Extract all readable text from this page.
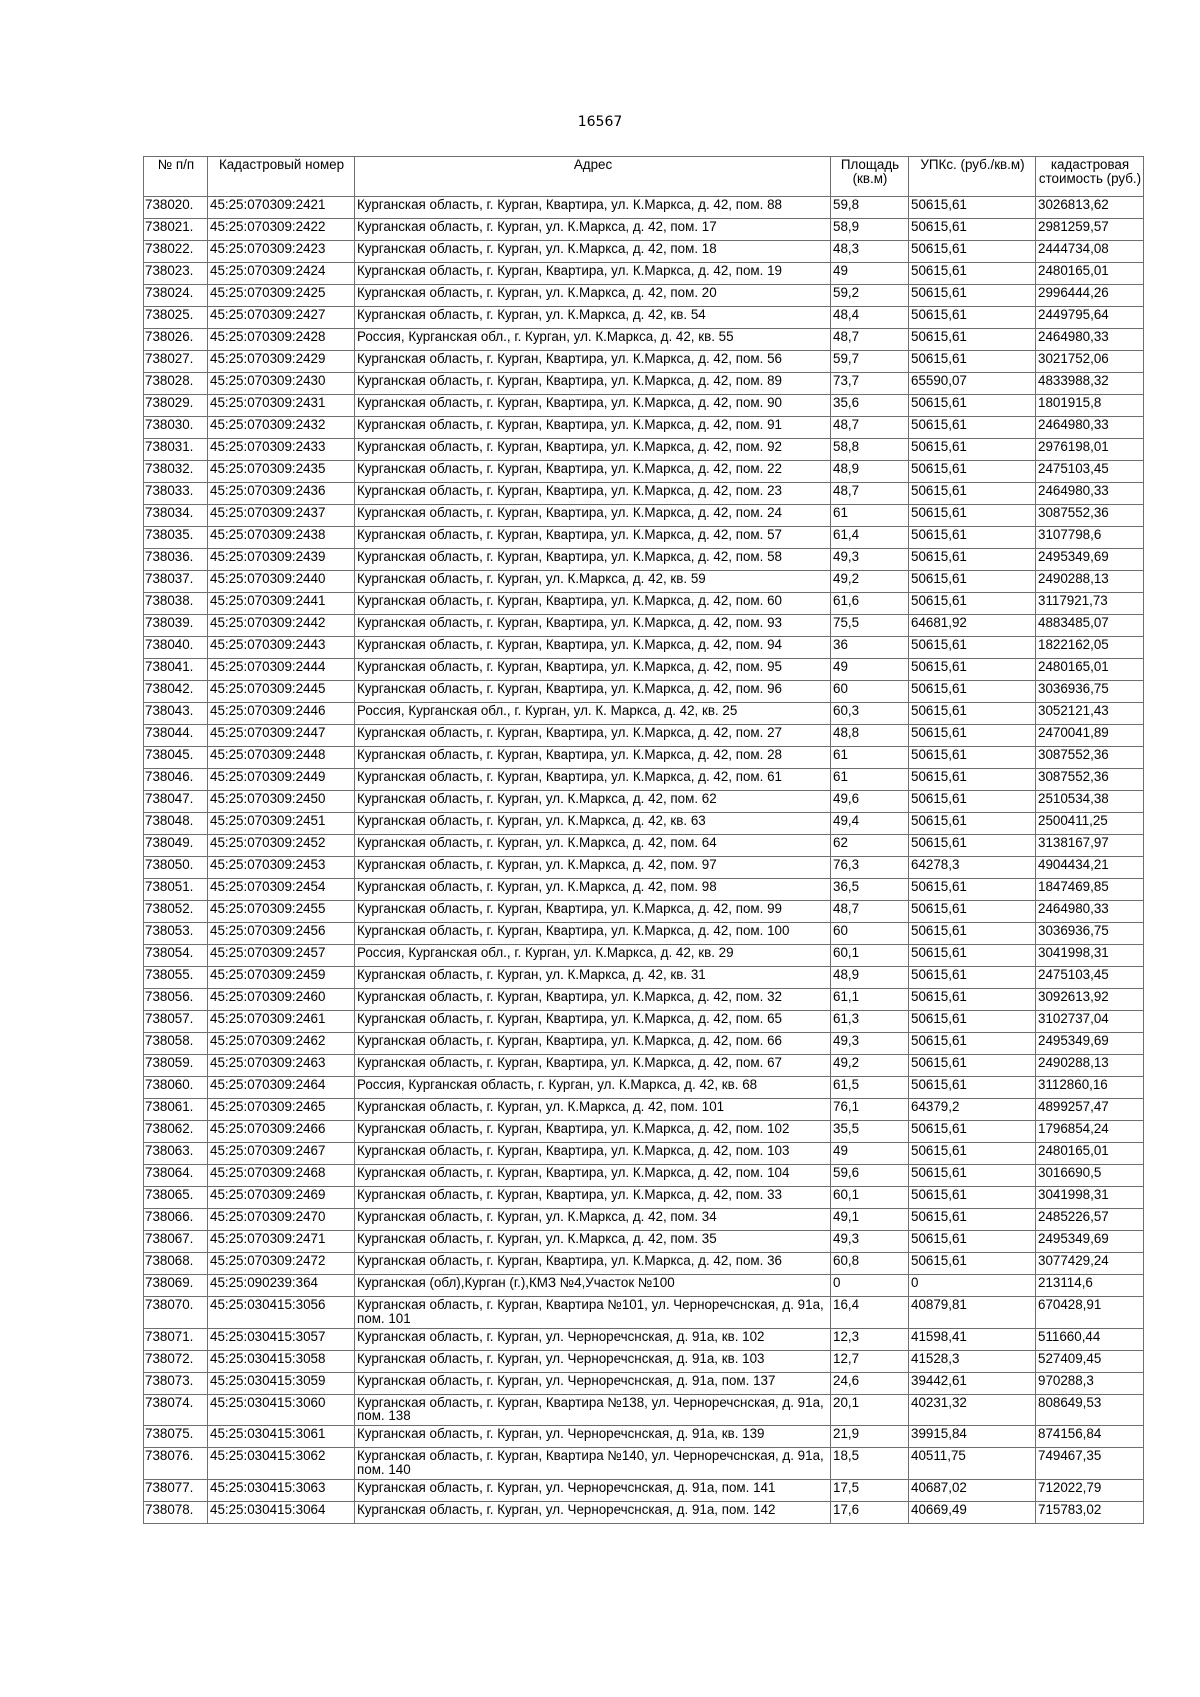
16567
№ п/п	Кадастровый номер	Адрес	Площадь (кв.м)	УПКс. (руб./кв.м)	кадастровая стоимость (руб.)
738020.	45:25:070309:2421	Курганская область, г. Курган, Квартира, ул. К.Маркса, д. 42, пом. 88	59,8	50615,61	3026813,62
738021.	45:25:070309:2422	Курганская область, г. Курган, ул. К.Маркса, д. 42, пом. 17	58,9	50615,61	2981259,57
738022.	45:25:070309:2423	Курганская область, г. Курган, ул. К.Маркса, д. 42, пом. 18	48,3	50615,61	2444734,08
738023.	45:25:070309:2424	Курганская область, г. Курган, Квартира, ул. К.Маркса, д. 42, пом. 19	49	50615,61	2480165,01
738024.	45:25:070309:2425	Курганская область, г. Курган, ул. К.Маркса, д. 42, пом. 20	59,2	50615,61	2996444,26
738025.	45:25:070309:2427	Курганская область, г. Курган, ул. К.Маркса, д. 42, кв. 54	48,4	50615,61	2449795,64
738026.	45:25:070309:2428	Россия, Курганская обл., г. Курган, ул. К.Маркса, д. 42, кв. 55	48,7	50615,61	2464980,33
738027.	45:25:070309:2429	Курганская область, г. Курган, Квартира, ул. К.Маркса, д. 42, пом. 56	59,7	50615,61	3021752,06
738028.	45:25:070309:2430	Курганская область, г. Курган, Квартира, ул. К.Маркса, д. 42, пом. 89	73,7	65590,07	4833988,32
738029.	45:25:070309:2431	Курганская область, г. Курган, Квартира, ул. К.Маркса, д. 42, пом. 90	35,6	50615,61	1801915,8
738030.	45:25:070309:2432	Курганская область, г. Курган, Квартира, ул. К.Маркса, д. 42, пом. 91	48,7	50615,61	2464980,33
738031.	45:25:070309:2433	Курганская область, г. Курган, Квартира, ул. К.Маркса, д. 42, пом. 92	58,8	50615,61	2976198,01
738032.	45:25:070309:2435	Курганская область, г. Курган, Квартира, ул. К.Маркса, д. 42, пом. 22	48,9	50615,61	2475103,45
738033.	45:25:070309:2436	Курганская область, г. Курган, Квартира, ул. К.Маркса, д. 42, пом. 23	48,7	50615,61	2464980,33
738034.	45:25:070309:2437	Курганская область, г. Курган, Квартира, ул. К.Маркса, д. 42, пом. 24	61	50615,61	3087552,36
738035.	45:25:070309:2438	Курганская область, г. Курган, Квартира, ул. К.Маркса, д. 42, пом. 57	61,4	50615,61	3107798,6
738036.	45:25:070309:2439	Курганская область, г. Курган, Квартира, ул. К.Маркса, д. 42, пом. 58	49,3	50615,61	2495349,69
738037.	45:25:070309:2440	Курганская область, г. Курган, ул. К.Маркса, д. 42, кв. 59	49,2	50615,61	2490288,13
738038.	45:25:070309:2441	Курганская область, г. Курган, Квартира, ул. К.Маркса, д. 42, пом. 60	61,6	50615,61	3117921,73
738039.	45:25:070309:2442	Курганская область, г. Курган, Квартира, ул. К.Маркса, д. 42, пом. 93	75,5	64681,92	4883485,07
738040.	45:25:070309:2443	Курганская область, г. Курган, Квартира, ул. К.Маркса, д. 42, пом. 94	36	50615,61	1822162,05
738041.	45:25:070309:2444	Курганская область, г. Курган, Квартира, ул. К.Маркса, д. 42, пом. 95	49	50615,61	2480165,01
738042.	45:25:070309:2445	Курганская область, г. Курган, Квартира, ул. К.Маркса, д. 42, пом. 96	60	50615,61	3036936,75
738043.	45:25:070309:2446	Россия, Курганская обл., г. Курган, ул. К. Маркса, д. 42, кв. 25	60,3	50615,61	3052121,43
738044.	45:25:070309:2447	Курганская область, г. Курган, Квартира, ул. К.Маркса, д. 42, пом. 27	48,8	50615,61	2470041,89
738045.	45:25:070309:2448	Курганская область, г. Курган, Квартира, ул. К.Маркса, д. 42, пом. 28	61	50615,61	3087552,36
738046.	45:25:070309:2449	Курганская область, г. Курган, Квартира, ул. К.Маркса, д. 42, пом. 61	61	50615,61	3087552,36
738047.	45:25:070309:2450	Курганская область, г. Курган, ул. К.Маркса, д. 42, пом. 62	49,6	50615,61	2510534,38
738048.	45:25:070309:2451	Курганская область, г. Курган, ул. К.Маркса, д. 42, кв. 63	49,4	50615,61	2500411,25
738049.	45:25:070309:2452	Курганская область, г. Курган, ул. К.Маркса, д. 42, пом. 64	62	50615,61	3138167,97
738050.	45:25:070309:2453	Курганская область, г. Курган, ул. К.Маркса, д. 42, пом. 97	76,3	64278,3	4904434,21
738051.	45:25:070309:2454	Курганская область, г. Курган, ул. К.Маркса, д. 42, пом. 98	36,5	50615,61	1847469,85
738052.	45:25:070309:2455	Курганская область, г. Курган, Квартира, ул. К.Маркса, д. 42, пом. 99	48,7	50615,61	2464980,33
738053.	45:25:070309:2456	Курганская область, г. Курган, Квартира, ул. К.Маркса, д. 42, пом. 100	60	50615,61	3036936,75
738054.	45:25:070309:2457	Россия, Курганская обл., г. Курган, ул. К.Маркса, д. 42, кв. 29	60,1	50615,61	3041998,31
738055.	45:25:070309:2459	Курганская область, г. Курган, ул. К.Маркса, д. 42, кв. 31	48,9	50615,61	2475103,45
738056.	45:25:070309:2460	Курганская область, г. Курган, Квартира, ул. К.Маркса, д. 42, пом. 32	61,1	50615,61	3092613,92
738057.	45:25:070309:2461	Курганская область, г. Курган, Квартира, ул. К.Маркса, д. 42, пом. 65	61,3	50615,61	3102737,04
738058.	45:25:070309:2462	Курганская область, г. Курган, Квартира, ул. К.Маркса, д. 42, пом. 66	49,3	50615,61	2495349,69
738059.	45:25:070309:2463	Курганская область, г. Курган, Квартира, ул. К.Маркса, д. 42, пом. 67	49,2	50615,61	2490288,13
738060.	45:25:070309:2464	Россия, Курганская область, г. Курган, ул. К.Маркса, д. 42, кв. 68	61,5	50615,61	3112860,16
738061.	45:25:070309:2465	Курганская область, г. Курган, ул. К.Маркса, д. 42, пом. 101	76,1	64379,2	4899257,47
738062.	45:25:070309:2466	Курганская область, г. Курган, Квартира, ул. К.Маркса, д. 42, пом. 102	35,5	50615,61	1796854,24
738063.	45:25:070309:2467	Курганская область, г. Курган, Квартира, ул. К.Маркса, д. 42, пом. 103	49	50615,61	2480165,01
738064.	45:25:070309:2468	Курганская область, г. Курган, Квартира, ул. К.Маркса, д. 42, пом. 104	59,6	50615,61	3016690,5
738065.	45:25:070309:2469	Курганская область, г. Курган, Квартира, ул. К.Маркса, д. 42, пом. 33	60,1	50615,61	3041998,31
738066.	45:25:070309:2470	Курганская область, г. Курган, ул. К.Маркса, д. 42, пом. 34	49,1	50615,61	2485226,57
738067.	45:25:070309:2471	Курганская область, г. Курган, ул. К.Маркса, д. 42, пом. 35	49,3	50615,61	2495349,69
738068.	45:25:070309:2472	Курганская область, г. Курган, Квартира, ул. К.Маркса, д. 42, пом. 36	60,8	50615,61	3077429,24
738069.	45:25:090239:364	Курганская (обл),Курган (г.),КМЗ №4,Участок №100	0	0	213114,6
738070.	45:25:030415:3056	Курганская область, г. Курган, Квартира №101, ул. Черноречснская, д. 91а, пом. 101	16,4	40879,81	670428,91
738071.	45:25:030415:3057	Курганская область, г. Курган, ул. Черноречснская, д. 91а, кв. 102	12,3	41598,41	511660,44
738072.	45:25:030415:3058	Курганская область, г. Курган, ул. Черноречснская, д. 91а, кв. 103	12,7	41528,3	527409,45
738073.	45:25:030415:3059	Курганская область, г. Курган, ул. Черноречснская, д. 91а, пом. 137	24,6	39442,61	970288,3
738074.	45:25:030415:3060	Курганская область, г. Курган, Квартира №138, ул. Черноречснская, д. 91а, пом. 138	20,1	40231,32	808649,53
738075.	45:25:030415:3061	Курганская область, г. Курган, ул. Черноречснская, д. 91а, кв. 139	21,9	39915,84	874156,84
738076.	45:25:030415:3062	Курганская область, г. Курган, Квартира №140, ул. Черноречснская, д. 91а, пом. 140	18,5	40511,75	749467,35
738077.	45:25:030415:3063	Курганская область, г. Курган, ул. Черноречснская, д. 91а, пом. 141	17,5	40687,02	712022,79
738078.	45:25:030415:3064	Курганская область, г. Курган, ул. Черноречснская, д. 91а, пом. 142	17,6	40669,49	715783,02
